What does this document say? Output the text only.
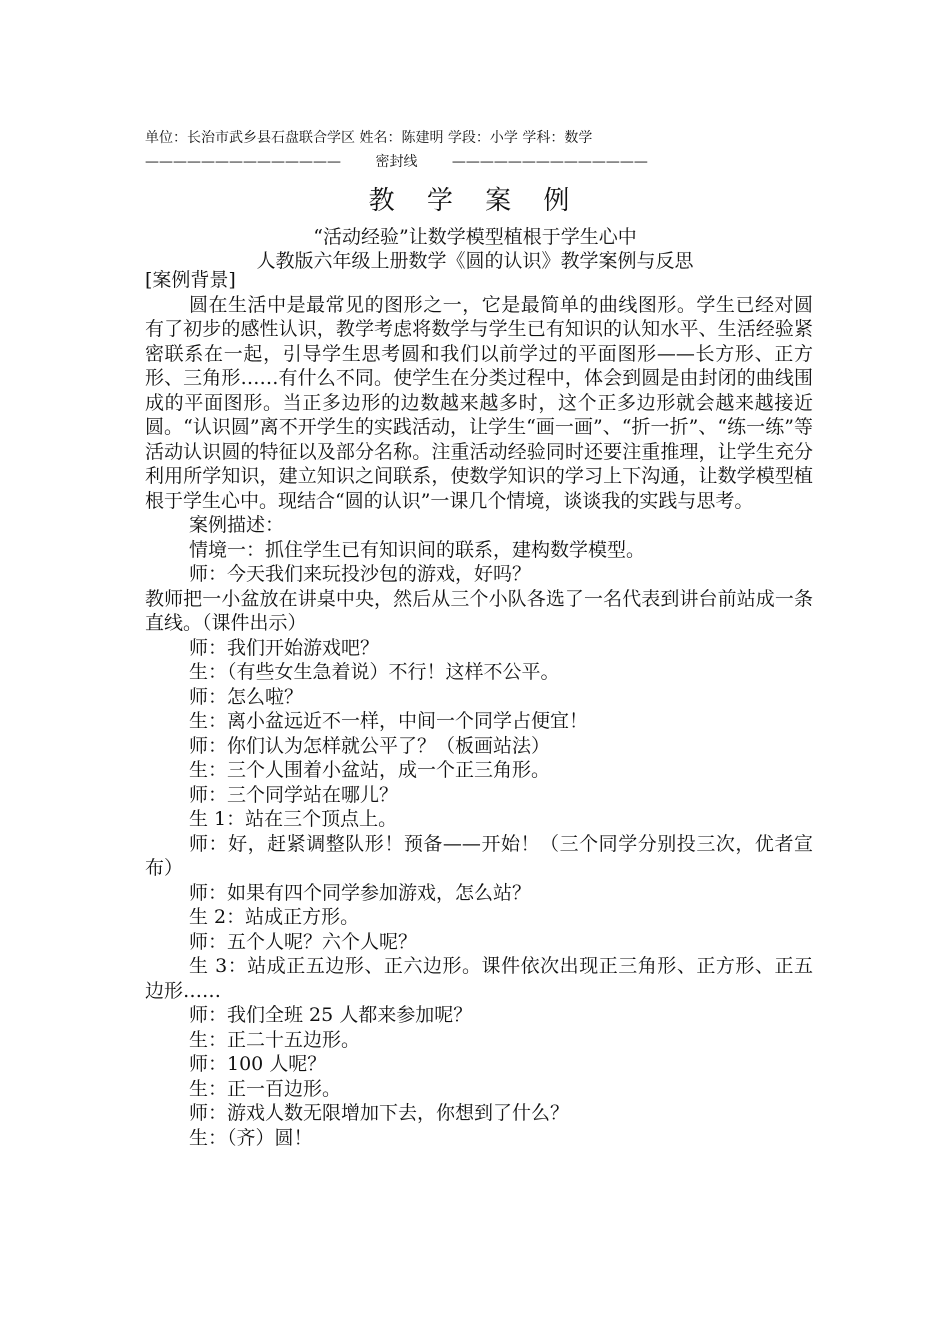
单位：长治市武乡县石盘联合学区 姓名：陈建明 学段：小学 学科：数学
—————————————— 密封线 ——————————————
教 学 案 例
“活动经验”让数学模型植根于学生心中
人教版六年级上册数学《圆的认识》教学案例与反思

[案例背景]

圆在生活中是最常见的图形之一，它是最简单的曲线图形。学生已经对圆有了初步的感性认识，教学考虑将数学与学生已有知识的认知水平、生活经验紧密联系在一起，引导学生思考圆和我们以前学过的平面图形——长方形、正方形、三角形……有什么不同。使学生在分类过程中，体会到圆是由封闭的曲线围成的平面图形。当正多边形的边数越来越多时，这个正多边形就会越来越接近圆。“认识圆”离不开学生的实践活动，让学生“画一画”、“折一折”、“练一练”等活动认识圆的特征以及部分名称。注重活动经验同时还要注重推理，让学生充分利用所学知识，建立知识之间联系，使数学知识的学习上下沟通，让数学模型植根于学生心中。现结合“圆的认识”一课几个情境，谈谈我的实践与思考。

案例描述：

情境一：抓住学生已有知识间的联系，建构数学模型。

师：今天我们来玩投沙包的游戏，好吗？

教师把一小盆放在讲桌中央，然后从三个小队各选了一名代表到讲台前站成一条直线。（课件出示）

师：我们开始游戏吧？

生：（有些女生急着说）不行！这样不公平。

师：怎么啦？

生：离小盆远近不一样，中间一个同学占便宜！

师：你们认为怎样就公平了？（板画站法）

生：三个人围着小盆站，成一个正三角形。

师：三个同学站在哪儿？

生 1：站在三个顶点上。

师：好，赶紧调整队形！预备——开始！（三个同学分别投三次，优者宣布）

师：如果有四个同学参加游戏，怎么站？

生 2：站成正方形。

师：五个人呢？六个人呢？

生 3：站成正五边形、正六边形。课件依次出现正三角形、正方形、正五边形……

师：我们全班 25 人都来参加呢？

生：正二十五边形。

师：100 人呢？

生：正一百边形。

师：游戏人数无限增加下去，你想到了什么？

生：（齐）圆！
